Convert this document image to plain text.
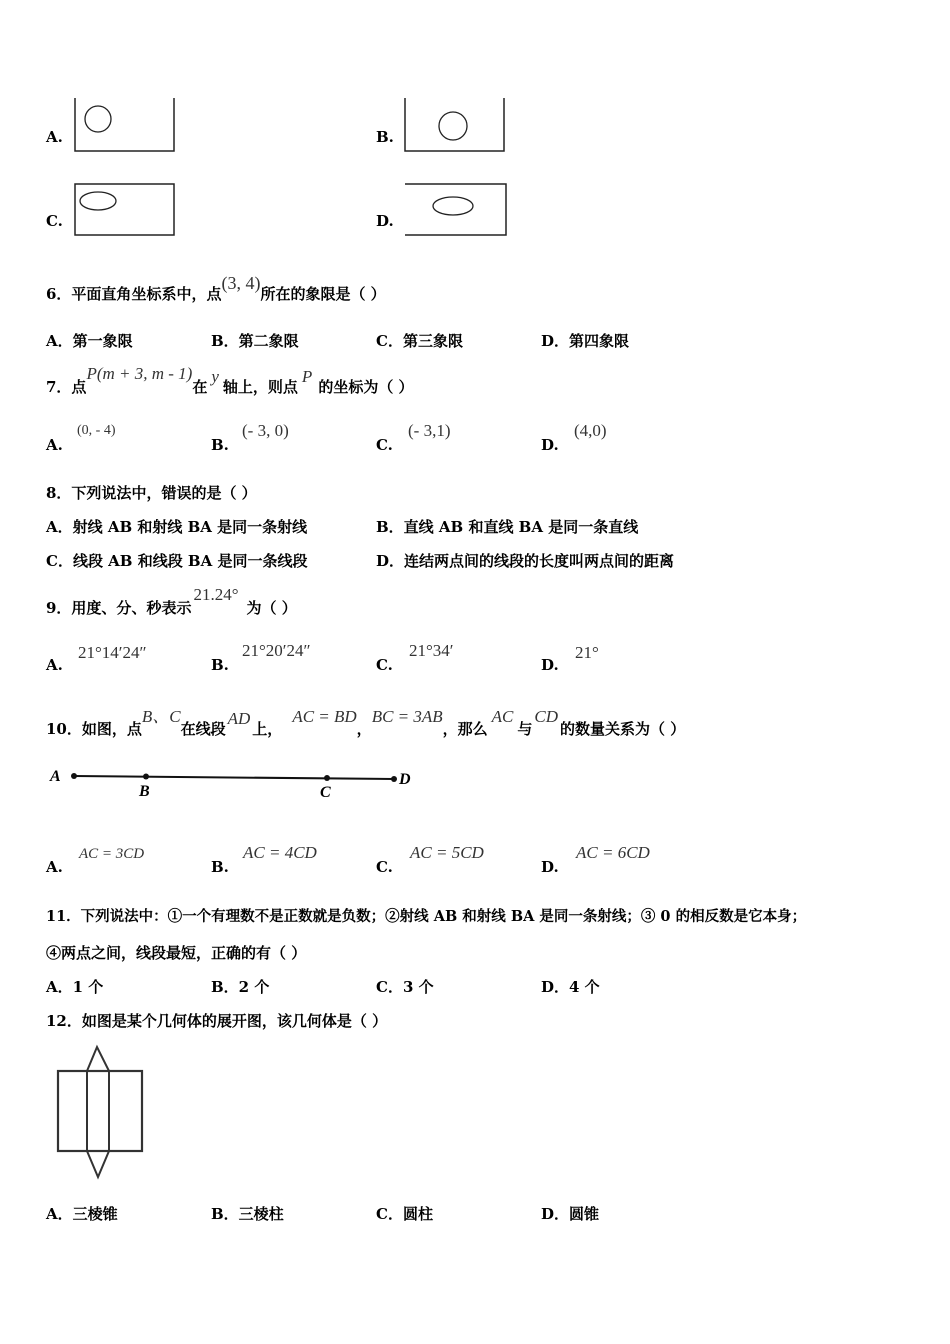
A.	B.
C.	D.
6．平面直角坐标系中，点(3, 4)所在的象限是（ ）
A．第一象限	B．第二象限	C．第三象限	D．第四象限
7．点P(m + 3, m - 1)在y轴上，则点P的坐标为（ ）
A.
(0, - 4)
B.
(- 3, 0)
C.
(- 3,1)
D.
(4,0)
8．下列说法中，错误的是（ ）
A．射线 AB 和射线 BA 是同一条射线	B．直线 AB 和直线 BA 是同一条直线
C．线段 AB 和线段 BA 是同一条线段	D．连结两点间的线段的长度叫两点间的距离
9．用度、分、秒表示21.24°为（ ）
A.
21°14′24″
B.
21°20′24″
C.
21°34′
D.
21°
10．如图，点B、C在线段AD上，AC = BD，BC = 3AB，那么AC与CD的数量关系为（ ）
A
B	C
D
A.
AC = 3CD
B.
AC = 4CD
C.
AC = 5CD
D.
AC = 6CD
11．下列说法中：①一个有理数不是正数就是负数；②射线 AB 和射线 BA 是同一条射线；③ 0 的相反数是它本身；
④两点之间，线段最短，正确的有（ ）
A．1 个	B．2 个	C．3 个	D．4 个
12．如图是某个几何体的展开图，该几何体是（ ）
A．三棱锥	B．三棱柱	C．圆柱	D．圆锥
